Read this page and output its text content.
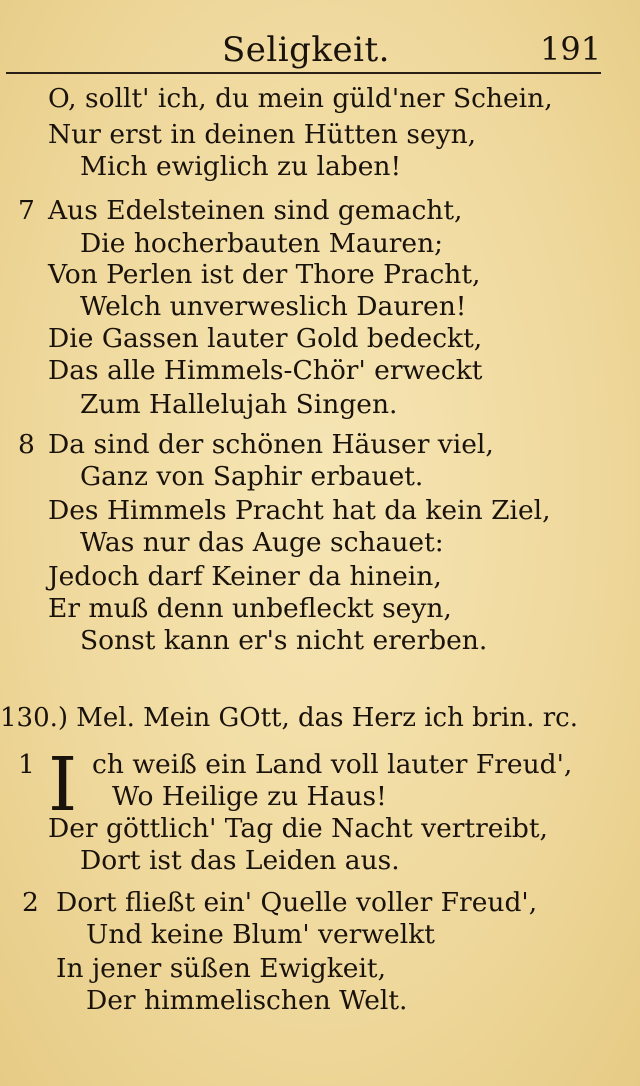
Seligkeit.	191
O, sollt' ich, du mein güld'ner Schein,
Nur erst in deinen Hütten seyn,
Mich ewiglich zu laben!
7 Aus Edelsteinen sind gemacht,
Die hocherbauten Mauren;
Von Perlen ist der Thore Pracht,
Welch unverweslich Dauren!
Die Gassen lauter Gold bedeckt,
Das alle Himmels-Chör' erweckt
Zum Hallelujah Singen.
8 Da sind der schönen Häuser viel,
Ganz von Saphir erbauet.
Des Himmels Pracht hat da kein Ziel,
Was nur das Auge schauet:
Jedoch darf Keiner da hinein,
Er muß denn unbefleckt seyn,
Sonst kann er's nicht ererben.
130.) Mel. Mein GOtt, das Herz ich brin. rc.
1 I ch weiß ein Land voll lauter Freud',
Wo Heilige zu Haus!
Der göttlich' Tag die Nacht vertreibt,
Dort ist das Leiden aus.
2 Dort fließt ein' Quelle voller Freud',
Und keine Blum' verwelkt
In jener süßen Ewigkeit,
Der himmelischen Welt.
